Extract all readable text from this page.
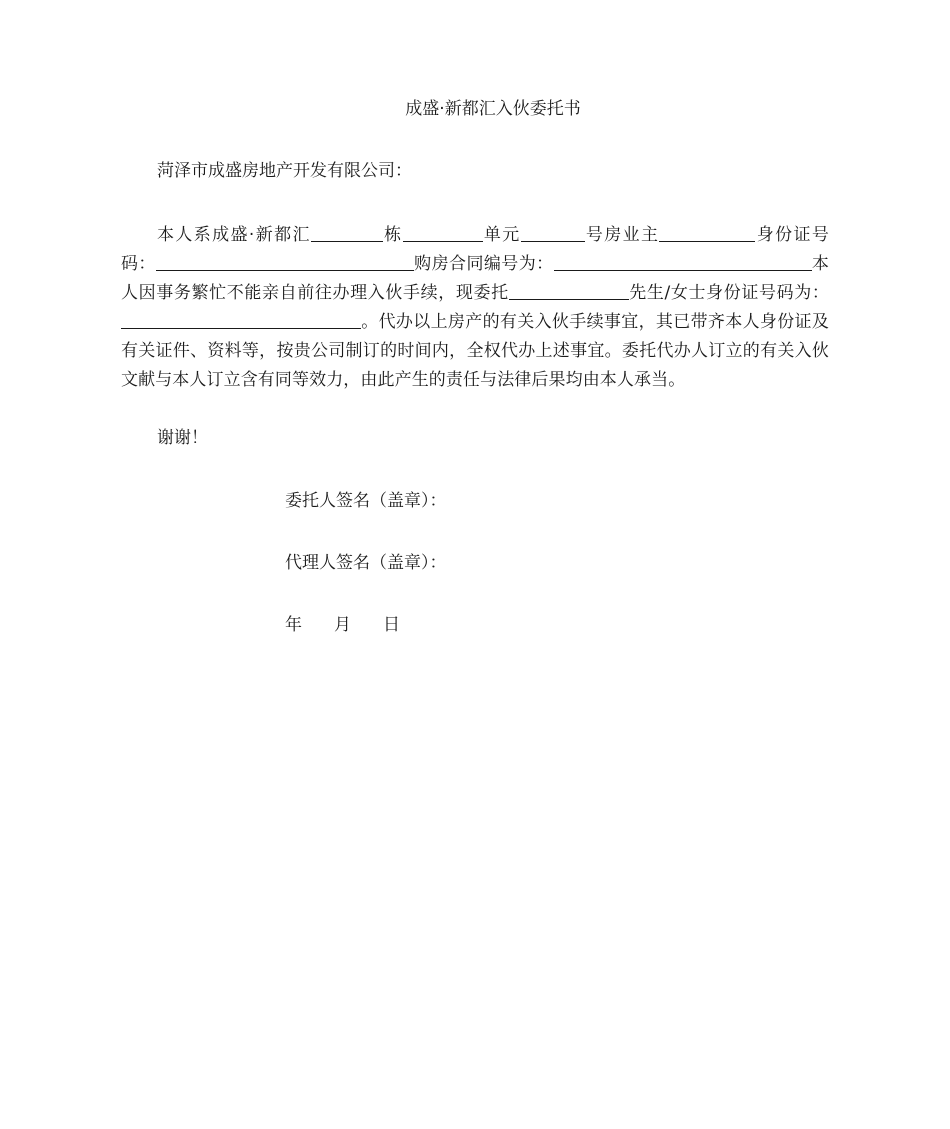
成盛·新都汇入伙委托书

菏泽市成盛房地产开发有限公司：

本人系成盛·新都汇	栋	单元	号房业主	身份证号码：	购房合同编号为：	本人因事务繁忙不能亲自前往办理入伙手续，现委托	先生/女士身份证号码为：。代办以上房产的有关入伙手续事宜，其已带齐本人身份证及有关证件、资料等，按贵公司制订的时间内，全权代办上述事宜。委托代办人订立的有关入伙文献与本人订立含有同等效力，由此产生的责任与法律后果均由本人承当。

谢谢！

委托人签名（盖章）：

代理人签名（盖章）：

年 月 日
